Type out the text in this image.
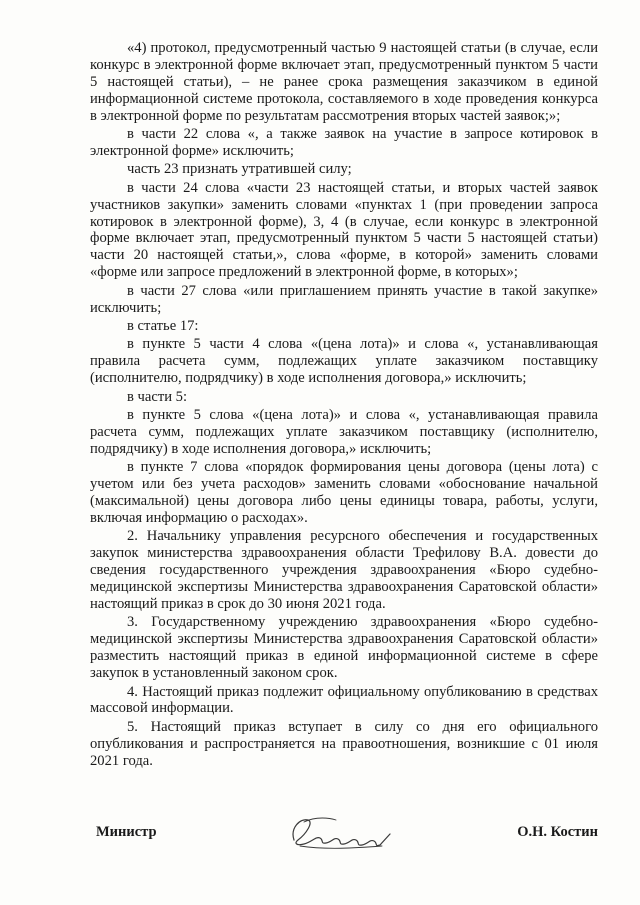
«4) протокол, предусмотренный частью 9 настоящей статьи (в случае, если конкурс в электронной форме включает этап, предусмотренный пунктом 5 части 5 настоящей статьи), – не ранее срока размещения заказчиком в единой информационной системе протокола, составляемого в ходе проведения конкурса в электронной форме по результатам рассмотрения вторых частей заявок;»;

в части 22 слова «, а также заявок на участие в запросе котировок в электронной форме» исключить;

часть 23 признать утратившей силу;

в части 24 слова «части 23 настоящей статьи, и вторых частей заявок участников закупки» заменить словами «пунктах 1 (при проведении запроса котировок в электронной форме), 3, 4 (в случае, если конкурс в электронной форме включает этап, предусмотренный пунктом 5 части 5 настоящей статьи) части 20 настоящей статьи,», слова «форме, в которой» заменить словами «форме или запросе предложений в электронной форме, в которых»;

в части 27 слова «или приглашением принять участие в такой закупке» исключить;

в статье 17:

в пункте 5 части 4 слова «(цена лота)» и слова «, устанавливающая правила расчета сумм, подлежащих уплате заказчиком поставщику (исполнителю, подрядчику) в ходе исполнения договора,» исключить;

в части 5:

в пункте 5 слова «(цена лота)» и слова «, устанавливающая правила расчета сумм, подлежащих уплате заказчиком поставщику (исполнителю, подрядчику) в ходе исполнения договора,» исключить;

в пункте 7 слова «порядок формирования цены договора (цены лота) с учетом или без учета расходов» заменить словами «обоснование начальной (максимальной) цены договора либо цены единицы товара, работы, услуги, включая информацию о расходах».

2. Начальнику управления ресурсного обеспечения и государственных закупок министерства здравоохранения области Трефилову В.А. довести до сведения государственного учреждения здравоохранения «Бюро судебно-медицинской экспертизы Министерства здравоохранения Саратовской области» настоящий приказ в срок до 30 июня 2021 года.

3. Государственному учреждению здравоохранения «Бюро судебно-медицинской экспертизы Министерства здравоохранения Саратовской области» разместить настоящий приказ в единой информационной системе в сфере закупок в установленный законом срок.

4. Настоящий приказ подлежит официальному опубликованию в средствах массовой информации.

5. Настоящий приказ вступает в силу со дня его официального опубликования и распространяется на правоотношения, возникшие с 01 июля 2021 года.

Министр	О.Н. Костин
